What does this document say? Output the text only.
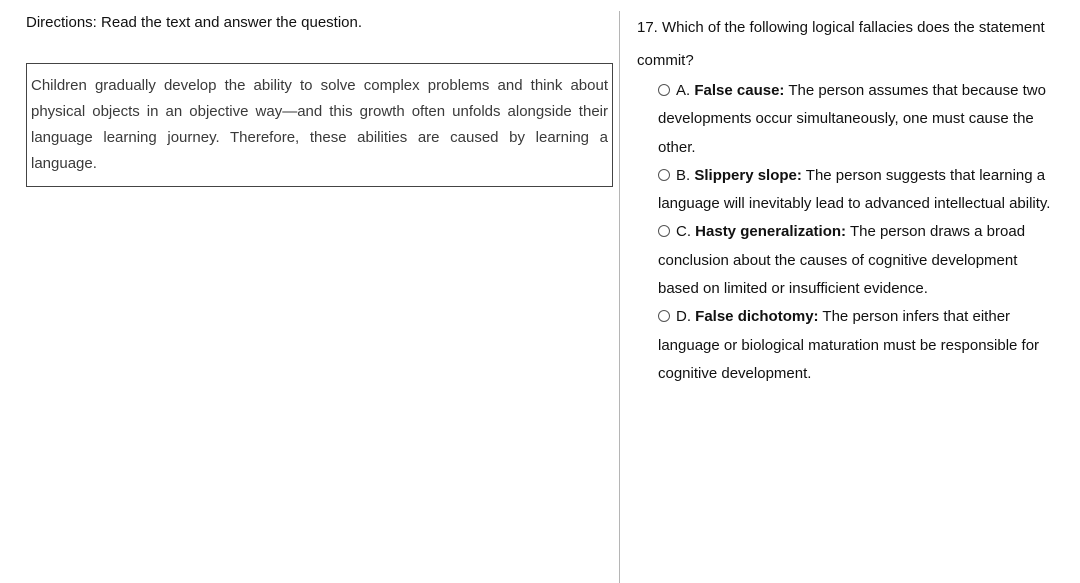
Directions: Read the text and answer the question.
Children gradually develop the ability to solve complex problems and think about physical objects in an objective way—and this growth often unfolds alongside their language learning journey. Therefore, these abilities are caused by learning a language.

17. Which of the following logical fallacies does the statement commit?

A. False cause: The person assumes that because two developments occur simultaneously, one must cause the other.
B. Slippery slope: The person suggests that learning a language will inevitably lead to advanced intellectual ability.
C. Hasty generalization: The person draws a broad conclusion about the causes of cognitive development based on limited or insufficient evidence.
D. False dichotomy: The person infers that either language or biological maturation must be responsible for cognitive development.
